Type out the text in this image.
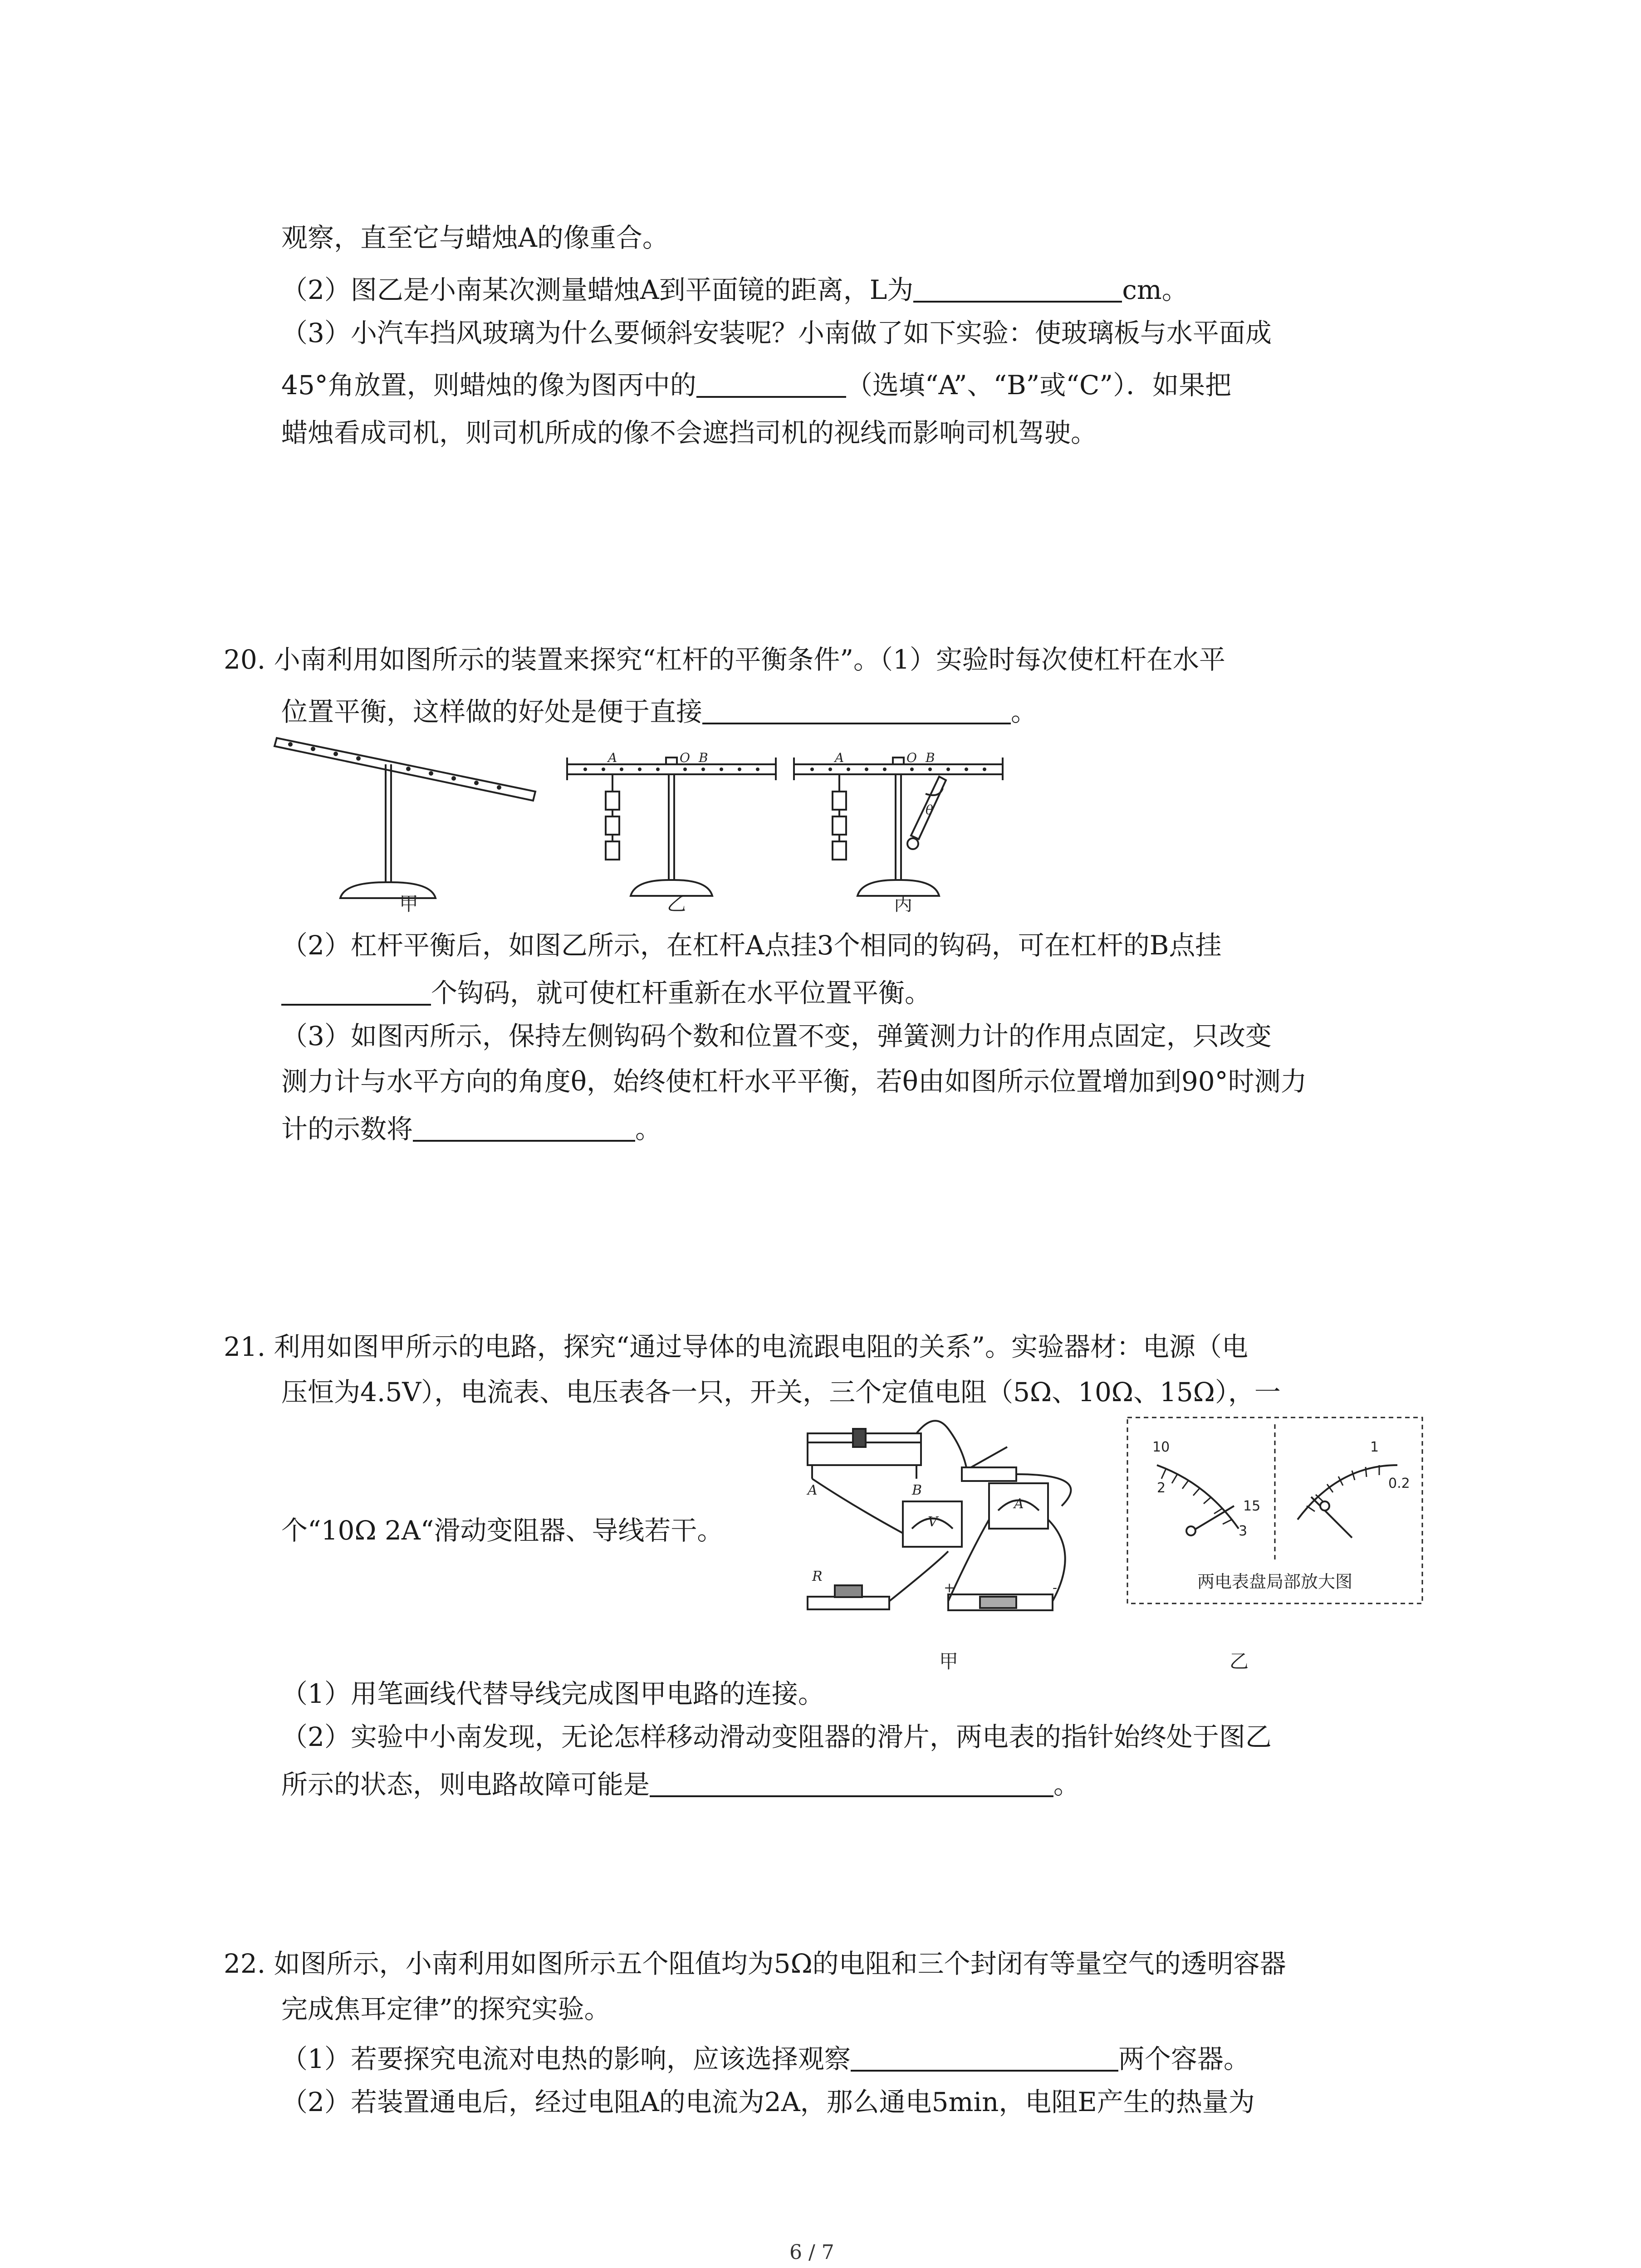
观察，直至它与蜡烛A的像重合。
（2）图乙是小南某次测量蜡烛A到平面镜的距离，L为	cm。
（3）小汽车挡风玻璃为什么要倾斜安装呢？小南做了如下实验：使玻璃板与水平面成
45°角放置，则蜡烛的像为图丙中的	（选填“A”、“B”或“C”）．如果把
蜡烛看成司机，则司机所成的像不会遮挡司机的视线而影响司机驾驶。
20. 小南利用如图所示的装置来探究“杠杆的平衡条件”。（1）实验时每次使杠杆在水平
位置平衡，这样做的好处是便于直接	。
甲
A	O B
乙
A	O B
θ
丙
（2）杠杆平衡后，如图乙所示，在杠杆A点挂3个相同的钩码，可在杠杆的B点挂
个钩码，就可使杠杆重新在水平位置平衡。
（3）如图丙所示，保持左侧钩码个数和位置不变，弹簧测力计的作用点固定，只改变
测力计与水平方向的角度θ，始终使杠杆水平平衡，若θ由如图所示位置增加到90°时测力
计的示数将	。
21. 利用如图甲所示的电路，探究“通过导体的电流跟电阻的关系”。实验器材：电源（电
压恒为4.5V），电流表、电压表各一只，开关，三个定值电阻（5Ω、10Ω、15Ω），一
个“10Ω 2A“滑动变阻器、导线若干。
A	B
R
V
A
+	-
甲
10
2
15
3
1
0.2
两电表盘局部放大图
乙
（1）用笔画线代替导线完成图甲电路的连接。
（2）实验中小南发现，无论怎样移动滑动变阻器的滑片，两电表的指针始终处于图乙
所示的状态，则电路故障可能是	。
22. 如图所示，小南利用如图所示五个阻值均为5Ω的电阻和三个封闭有等量空气的透明容器
完成焦耳定律”的探究实验。
（1）若要探究电流对电热的影响，应该选择观察	两个容器。
（2）若装置通电后，经过电阻A的电流为2A，那么通电5min，电阻E产生的热量为
6 / 7
